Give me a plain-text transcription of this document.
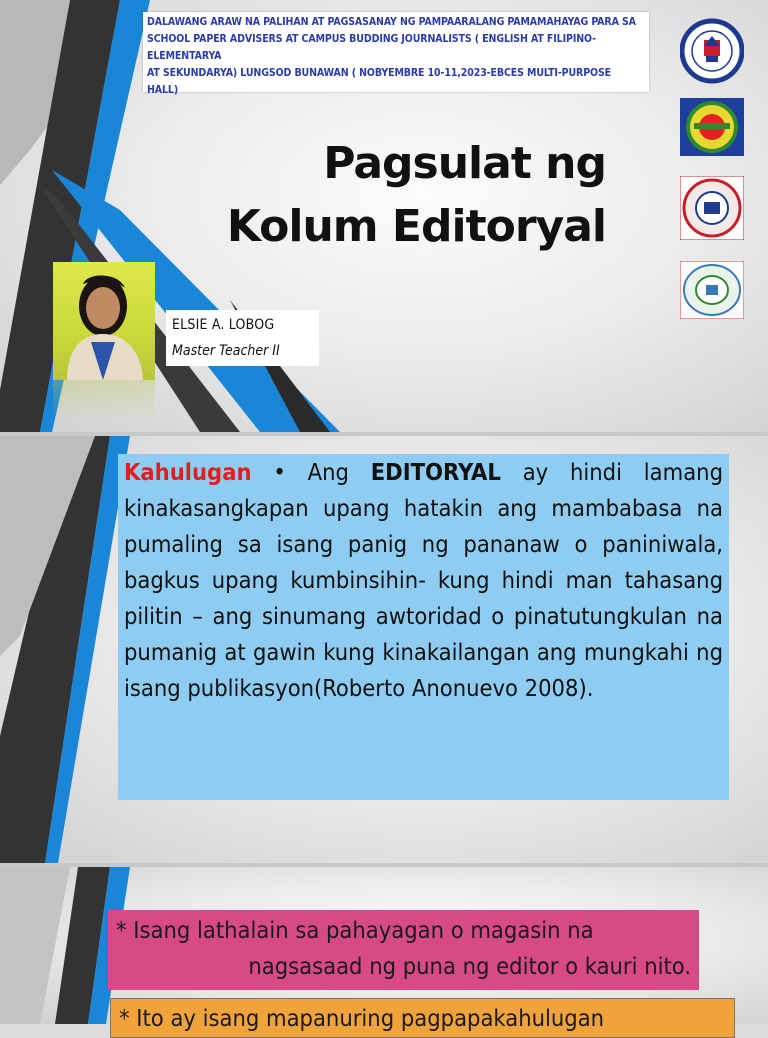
DALAWANG ARAW NA PALIHAN AT PAGSASANAY NG PAMPAARALANG PAMAMAHAYAG PARA SA

SCHOOL PAPER ADVISERS AT CAMPUS BUDDING JOURNALISTS ( ENGLISH AT FILIPINO-ELEMENTARYA

AT SEKUNDARYA) LUNGSOD BUNAWAN ( NOBYEMBRE 10-11,2023-EBCES MULTI-PURPOSE HALL)

Pagsulat ng
Kolum Editoryal
ELSIE A. LOBOG
Master Teacher II

Kahulugan • Ang EDITORYAL ay hindi lamang kinakasangkapan upang hatakin ang mambabasa na pumaling sa isang panig ng pananaw o paniniwala, bagkus upang kumbinsihin- kung hindi man tahasang pilitin – ang sinumang awtoridad o pinatutungkulan na pumanig at gawin kung kinakailangan ang mungkahi ng isang publikasyon(Roberto Anonuevo 2008).

* Isang lathalain sa pahayagan o magasin na

nagsasaad ng puna ng editor o kauri nito.

* Ito ay isang mapanuring pagpapakahulugan
